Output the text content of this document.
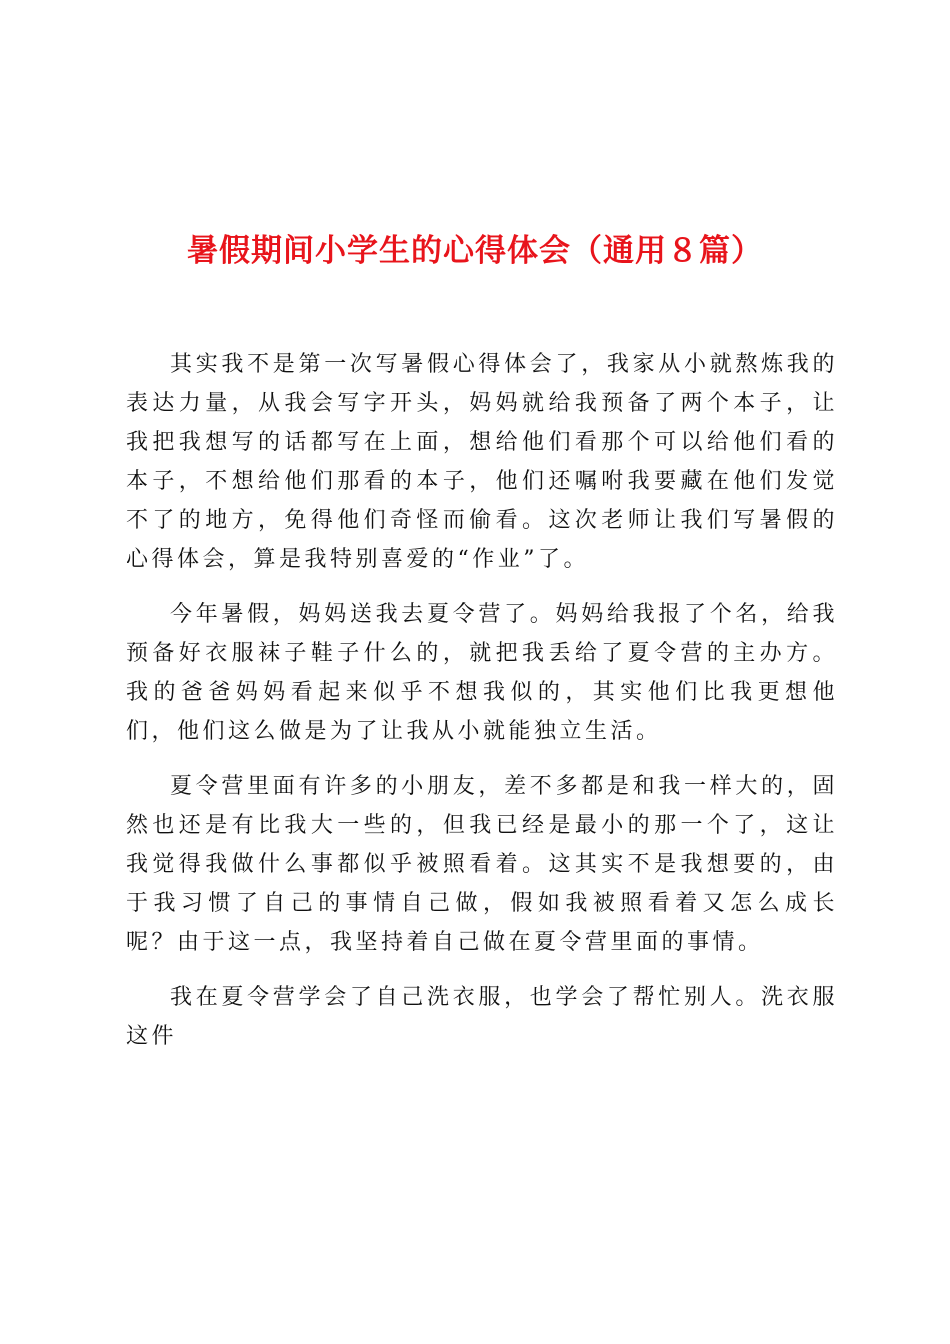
暑假期间小学生的心得体会（通用８篇）

其实我不是第一次写暑假心得体会了，我家从小就熬炼我的表达力量，从我会写字开头，妈妈就给我预备了两个本子，让我把我想写的话都写在上面，想给他们看那个可以给他们看的本子，不想给他们那看的本子，他们还嘱咐我要藏在他们发觉不了的地方，免得他们奇怪而偷看。这次老师让我们写暑假的心得体会，算是我特别喜爱的“作业”了。

今年暑假，妈妈送我去夏令营了。妈妈给我报了个名，给我预备好衣服袜子鞋子什么的，就把我丢给了夏令营的主办方。我的爸爸妈妈看起来似乎不想我似的，其实他们比我更想他们，他们这么做是为了让我从小就能独立生活。

夏令营里面有许多的小朋友，差不多都是和我一样大的，固然也还是有比我大一些的，但我已经是最小的那一个了，这让我觉得我做什么事都似乎被照看着。这其实不是我想要的，由于我习惯了自己的事情自己做，假如我被照看着又怎么成长呢？由于这一点，我坚持着自己做在夏令营里面的事情。

我在夏令营学会了自己洗衣服，也学会了帮忙别人。洗衣服这件
